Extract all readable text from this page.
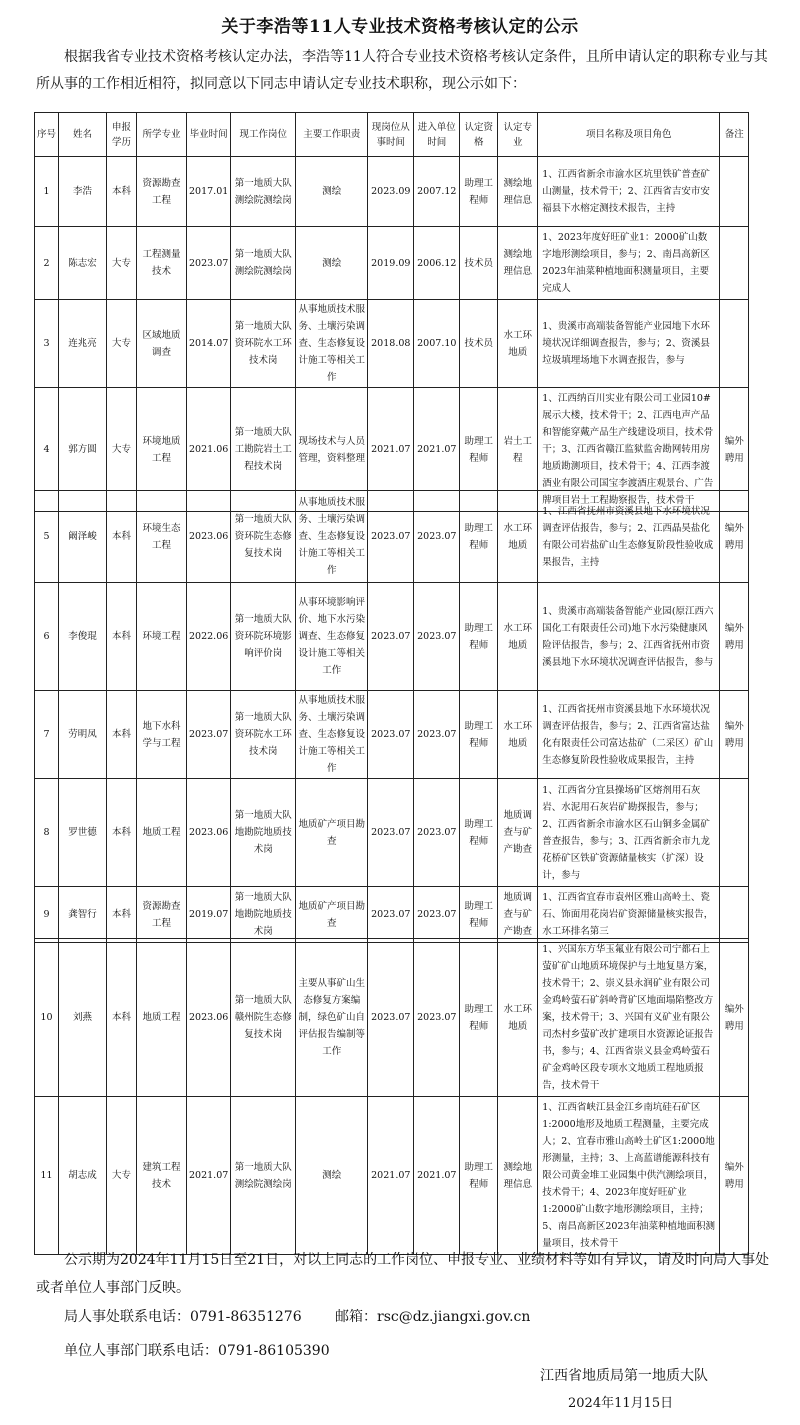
关于李浩等11人专业技术资格考核认定的公示
根据我省专业技术资格考核认定办法，李浩等11人符合专业技术资格考核认定条件，且所申请认定的职称专业与其所从事的工作相近相符，拟同意以下同志申请认定专业技术职称，现公示如下：
序号	姓名	申报学历	所学专业	毕业时间	现工作岗位	主要工作职责	现岗位从事时间	进入单位时间	认定资格	认定专业	项目名称及项目角色	备注
1	李浩	本科	资源勘查工程	2017.01	第一地质大队测绘院测绘岗	测绘	2023.09	2007.12	助理工程师	测绘地理信息	1、江西省新余市渝水区坑里铁矿普查矿山测量，技术骨干；2、江西省吉安市安福县下水榕定测技术报告，主持	
2	陈志宏	大专	工程测量技术	2023.07	第一地质大队测绘院测绘岗	测绘	2019.09	2006.12	技术员	测绘地理信息	1、2023年度好旺矿业1：2000矿山数字地形测绘项目，参与；2、南昌高新区2023年油菜种植地面积测量项目，主要完成人	
3	连兆亮	大专	区域地质调查	2014.07	第一地质大队资环院水工环技术岗	从事地质技术服务、土壤污染调查、生态修复设计施工等相关工作	2018.08	2007.10	技术员	水工环地质	1、贵溪市高端装备智能产业园地下水环境状况详细调查报告，参与；2、资溪县垃圾填埋场地下水调查报告，参与	
4	郭方圆	大专	环境地质工程	2021.06	第一地质大队工勘院岩土工程技术岗	现场技术与人员管理，资料整理	2021.07	2021.07	助理工程师	岩土工程	1、江西纳百川实业有限公司工业园10#展示大楼，技术骨干；2、江西电声产品和智能穿戴产品生产线建设项目，技术骨干；3、江西省赣江监狱监舍勘网转用房地质勘测项目，技术骨干；4、江西李渡酒业有限公司国宝李渡酒庄观景台、广告牌项目岩土工程勘察报告，技术骨干	编外聘用
5	阚泽峻	本科	环境生态工程	2023.06	第一地质大队资环院生态修复技术岗	从事地质技术服务、土壤污染调查、生态修复设计施工等相关工作	2023.07	2023.07	助理工程师	水工环地质	1、江西省抚州市资溪县地下水环境状况调查评估报告，参与；2、江西晶昊盐化有限公司岩盐矿山生态修复阶段性验收成果报告，主持	编外聘用
6	李俊琨	本科	环境工程	2022.06	第一地质大队资环院环境影响评价岗	从事环境影响评价、地下水污染调查、生态修复设计施工等相关工作	2023.07	2023.07	助理工程师	水工环地质	1、贵溪市高端装备智能产业园(原江西六国化工有限责任公司)地下水污染健康风险评估报告，参与；2、江西省抚州市资溪县地下水环境状况调查评估报告，参与	编外聘用
7	劳明凤	本科	地下水科学与工程	2023.07	第一地质大队资环院水工环技术岗	从事地质技术服务、土壤污染调查、生态修复设计施工等相关工作	2023.07	2023.07	助理工程师	水工环地质	1、江西省抚州市资溪县地下水环境状况调查评估报告，参与；2、江西省富达盐化有限责任公司富达盐矿（二采区）矿山生态修复阶段性验收成果报告，主持	编外聘用
8	罗世德	本科	地质工程	2023.06	第一地质大队地勘院地质技术岗	地质矿产项目勘查	2023.07	2023.07	助理工程师	地质调查与矿产勘查	1、江西省分宜县操场矿区熔剂用石灰岩、水泥用石灰岩矿勘探报告，参与；2、江西省新余市渝水区石山铜多金属矿普查报告，参与；3、江西省新余市九龙花桥矿区铁矿资源储量核实（扩深）设计，参与	
9	龚智行	本科	资源勘查工程	2019.07	第一地质大队地勘院地质技术岗	地质矿产项目勘查	2023.07	2023.07	助理工程师	地质调查与矿产勘查	1、江西省宜春市袁州区雅山高岭土、瓷石、饰面用花岗岩矿资源储量核实报告，水工环排名第三	
10	刘燕	本科	地质工程	2023.06	第一地质大队赣州院生态修复技术岗	主要从事矿山生态修复方案编制，绿色矿山自评估报告编制等工作	2023.07	2023.07	助理工程师	水工环地质	1、兴国东方华玉氟业有限公司宁都石上萤矿矿山地质环境保护与土地复垦方案，技术骨干；2、崇义县永润矿业有限公司金鸡岭萤石矿斜岭背矿区地面塌陷整改方案，技术骨干；3、兴国有义矿业有限公司杰村乡萤矿改扩建项目水资源论证报告书，参与；4、江西省崇义县金鸡岭萤石矿金鸡岭区段专项水文地质工程地质报告，技术骨干	编外聘用
11	胡志成	大专	建筑工程技术	2021.07	第一地质大队测绘院测绘岗	测绘	2021.07	2021.07	助理工程师	测绘地理信息	1、江西省峡江县金江乡南坑硅石矿区1:2000地形及地质工程测量，主要完成人；2、宜春市雅山高岭土矿区1:2000地形测量，主持；3、上高蓝谱能源科技有限公司黄金堆工业园集中供汽测绘项目，技术骨干；4、2023年度好旺矿业1:2000矿山数字地形测绘项目，主持；5、南昌高新区2023年油菜种植地面积测量项目，技术骨干	编外聘用
公示期为2024年11月15日至21日，对以上同志的工作岗位、申报专业、业绩材料等如有异议，请及时向局人事处或者单位人事部门反映。
局人事处联系电话：0791-86351276 邮箱：rsc@dz.jiangxi.gov.cn
单位人事部门联系电话：0791-86105390
江西省地质局第一地质大队
2024年11月15日
